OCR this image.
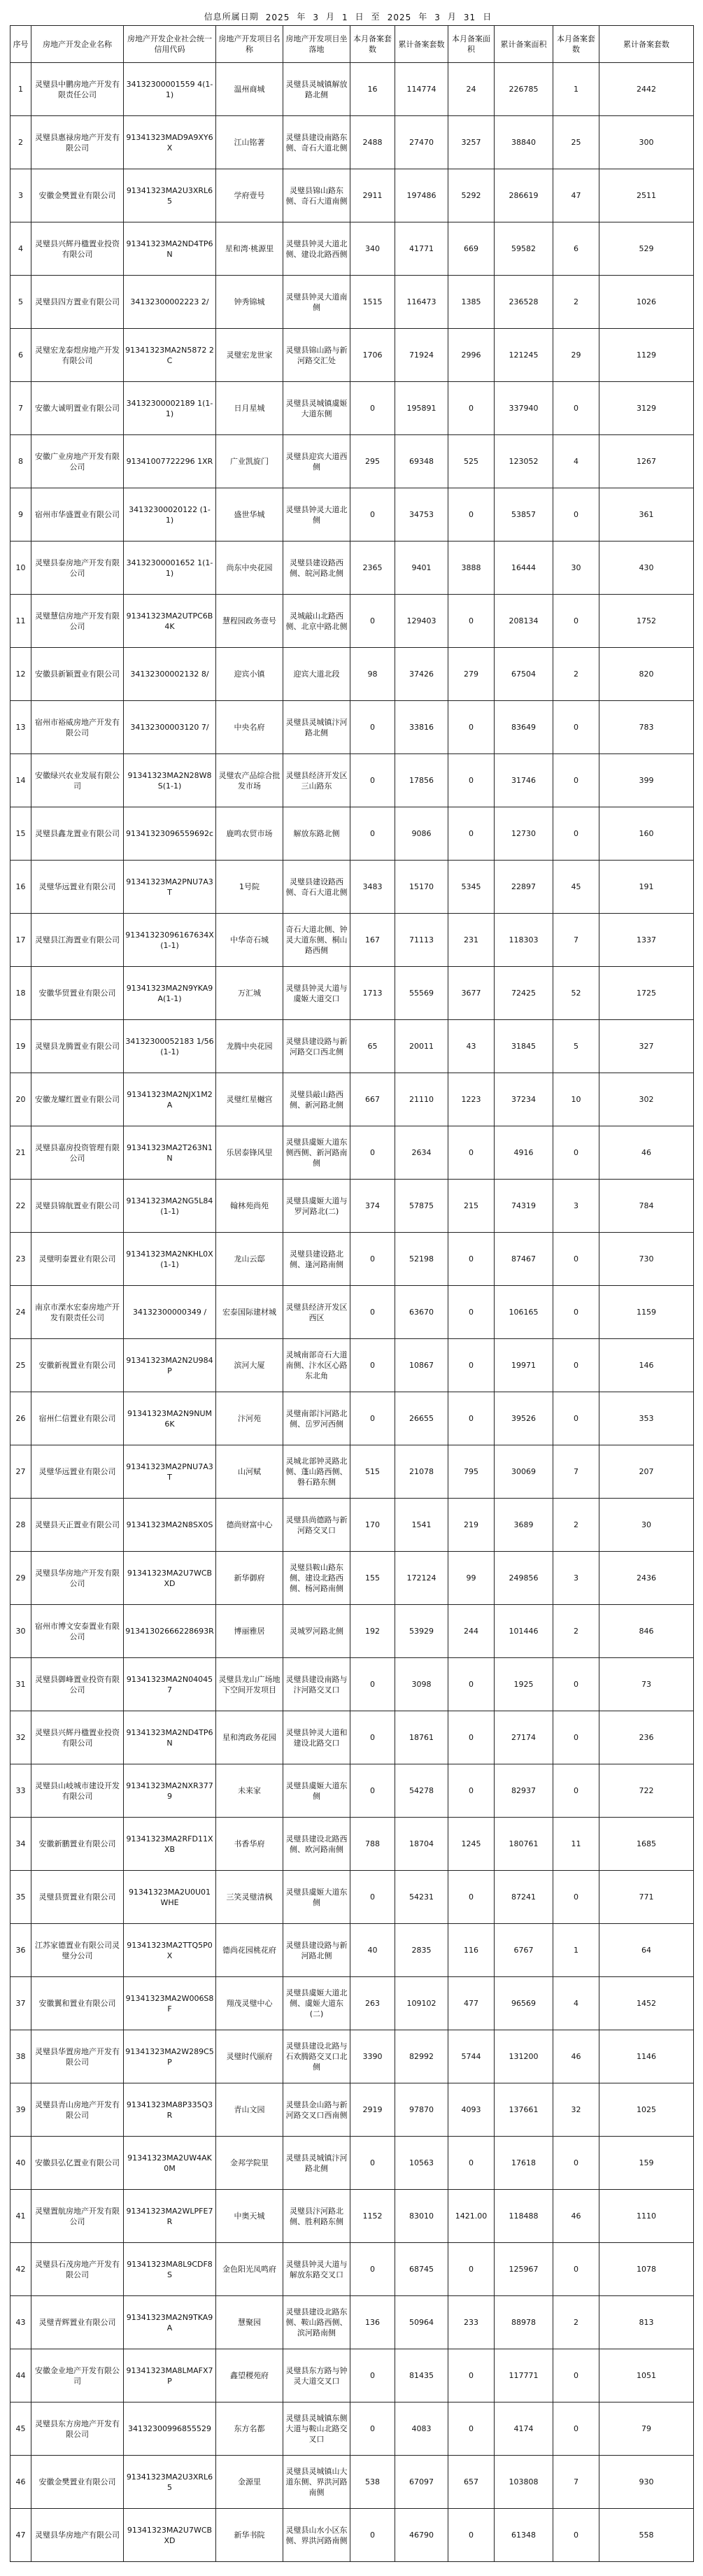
信息所属日期 2025 年 3 月 1 日 至 2025 年 3 月 31 日
序号	房地产开发企业名称	房地产开发企业社会统一信用代码	房地产开发项目名称	房地产开发项目坐落地	本月备案套数	累计备案套数	本月备案面积	累计备案面积	本月备案套数	累计备案套数
1	灵璧县中鹏房地产开发有限责任公司	34132300001559 4(1-1)	温州商城	灵璧县灵城镇解放路北侧	16	114774	24	226785	1	2442
2	灵璧县惠禄房地产开发有限公司	91341323MAD9A9XY6X	江山铭著	灵璧县建设南路东侧、奇石大道北侧	2488	27470	3257	38840	25	300
3	安徽金樊置业有限公司	91341323MA2U3XRL65	学府壹号	灵璧县锦山路东侧、奇石大道南侧	2911	197486	5292	286619	47	2511
4	灵璧县兴辉丹楹置业投资有限公司	91341323MA2ND4TP6N	星和湾·桃源里	灵璧县钟灵大道北侧、建设北路西侧	340	41771	669	59582	6	529
5	灵璧县四方置业有限公司	34132300002223 2/	钟秀锦城	灵璧县钟灵大道南侧	1515	116473	1385	236528	2	1026
6	灵璧宏龙泰煜房地产开发有限公司	91341323MA2N5872 2C	灵璧宏龙世家	灵璧县锦山路与新河路交汇处	1706	71924	2996	121245	29	1129
7	安徽大诚明置业有限公司	34132300002189 1(1-1)	日月星城	灵璧县灵城镇虞姬大道东侧	0	195891	0	337940	0	3129
8	安徽广业房地产开发有限公司	91341007722296 1XR	广业凯旋门	灵璧县迎宾大道西侧	295	69348	525	123052	4	1267
9	宿州市华盛置业有限公司	34132300020122 (1-1)	盛世华城	灵璧县钟灵大道北侧	0	34753	0	53857	0	361
10	灵璧县泰房地产开发有限公司	34132300001652 1(1-1)	尚东中央花园	灵璧县建设路西侧、皖河路北侧	2365	9401	3888	16444	30	430
11	灵璧慧信房地产开发有限公司	91341323MA2UTPC6B4K	慧程园政务壹号	灵城敲山北路西侧、北京中路北侧	0	129403	0	208134	0	1752
12	安徽县新颖置业有限公司	34132300002132 8/	迎宾小镇	迎宾大道北段	98	37426	279	67504	2	820
13	宿州市裕威房地产开发有限公司	34132300003120 7/	中央名府	灵璧县灵城镇汴河路北侧	0	33816	0	83649	0	783
14	安徽绿兴农业发展有限公司	91341323MA2N28W8S(1-1)	灵璧农产品综合批发市场	灵璧县经济开发区三山路东	0	17856	0	31746	0	399
15	灵璧县鑫龙置业有限公司	91341323096559692c	鹿鸣农贸市场	解放东路北侧	0	9086	0	12730	0	160
16	灵璧华远置业有限公司	91341323MA2PNU7A3T	1号院	灵璧县建设路西侧、奇石大道北侧	3483	15170	5345	22897	45	191
17	灵璧县江海置业有限公司	91341323096167634X(1-1)	中华奇石城	奇石大道北侧、钟灵大道东侧、桐山路西侧	167	71113	231	118303	7	1337
18	安徽华贸置业有限公司	91341323MA2N9YKA9A(1-1)	万汇城	灵璧县钟灵大道与虞姬大道交口	1713	55569	3677	72425	52	1725
19	灵璧县龙腾置业有限公司	34132300052183 1/56(1-1)	龙腾中央花园	灵璧县建设路与新河路交口西北侧	65	20011	43	31845	5	327
20	安徽龙耀红置业有限公司	91341323MA2NJX1M2A	灵璧红星樾宫	灵璧县敲山路西侧、新河路北侧	667	21110	1223	37234	10	302
21	灵璧县嘉房投资管理有限公司	91341323MA2T263N1N	乐居泰锋风里	灵璧县虞姬大道东侧西侧、新河路南侧	0	2634	0	4916	0	46
22	灵璧县锦航置业有限公司	91341323MA2NG5L84(1-1)	翰林苑尚苑	灵璧县虞姬大道与罗河路北(二)	374	57875	215	74319	3	784
23	灵璧明泰置业有限公司	91341323MA2NKHL0X(1-1)	龙山云邸	灵璧县建设路北侧、逢河路南侧	0	52198	0	87467	0	730
24	南京市溧水宏泰房地产开发有限责任公司	34132300000349 /	宏泰国际建材城	灵璧县经济开发区西区	0	63670	0	106165	0	1159
25	安徽新视置业有限公司	91341323MA2N2U984P	滨河大厦	灵城南部奇石大道南侧、汴水区心路东北角	0	10867	0	19971	0	146
26	宿州仁信置业有限公司	91341323MA2N9NUM6K	汴河苑	灵璧南部汴河路北侧、岳罗河西侧	0	26655	0	39526	0	353
27	灵璧华远置业有限公司	91341323MA2PNU7A3T	山河赋	灵城北部钟灵路北侧、蓬山路西侧、磐石路东侧	515	21078	795	30069	7	207
28	灵璧县天正置业有限公司	91341323MA2N8SX0S	德尚财富中心	灵璧县尚德路与新河路交叉口	170	1541	219	3689	2	30
29	灵璧县华房地产开发有限公司	91341323MA2U7WCB XD	新华御府	灵璧县鞍山路东侧、建设北路西侧、杨河路南侧	155	172124	99	249856	3	2436
30	宿州市博文安泰置业有限公司	91341302666228693R	博丽雅居	灵城罗河路北侧	192	53929	244	101446	2	846
31	灵璧县御峰置业投资有限公司	91341323MA2N040457	灵璧县龙山广场地下空间开发项目	灵璧县建设南路与汴河路交叉口	0	3098	0	1925	0	73
32	灵璧县兴辉丹楹置业投资有限公司	91341323MA2ND4TP6N	星和湾政务花园	灵璧县钟灵大道和建设北路交口	0	18761	0	27174	0	236
33	灵璧县山岐城市建设开发有限公司	91341323MA2NXR3779	未来家	灵璧县虞姬大道东侧	0	54278	0	82937	0	722
34	安徽新鹏置业有限公司	91341323MA2RFD11XXB	书香华府	灵璧县建设北路西侧、欧河路南侧	788	18704	1245	180761	11	1685
35	灵璧县贾置业有限公司	91341323MA2U0U01WHE	三笑灵璧清枫	灵璧县虞姬大道东侧	0	54231	0	87241	0	771
36	江苏家德置业有限公司灵璧分公司	91341323MA2TTQ5P0X	德尚花园桃花府	灵璧县建设路与新河路北侧	40	2835	116	6767	1	64
37	安徽翼和置业有限公司	91341323MA2W006S8F	翔茂灵璧中心	灵璧县虞姬大道北侧、虞姬大道东(二)	263	109102	477	96569	4	1452
38	灵璧县华置房地产开发有限公司	91341323MA2W289C5P	灵璧时代颐府	灵璧县建设北路与石欢腾路交叉口北侧	3390	82992	5744	131200	46	1146
39	灵璧县青山房地产开发有限公司	91341323MA8P335Q3R	青山文园	灵璧县金山路与新河路交叉口西南侧	2919	97870	4093	137661	32	1025
40	安徽县弘亿置业有限公司	91341323MA2UW4AK0M	金邦学院里	灵璧县灵城镇汴河路北侧	0	10563	0	17618	0	159
41	灵璧置航房地产开发有限公司	91341323MA2WLPFE7R	中奥天城	灵璧县汴河路北侧、胜利路东侧	1152	83010	1421.00	118488	46	1110
42	灵璧县石茂房地产开发有限公司	91341323MA8L9CDF8S	金色阳光凤鸣府	灵璧县钟灵大道与解放东路交叉口	0	68745	0	125967	0	1078
43	灵璧青辉置业有限公司	91341323MA2N9TKA9A	慧聚园	灵璧县建设北路东侧、鞍山路西侧、滨河路南侧	136	50964	233	88978	2	813
44	安徽金业地产开发有限公司	91341323MA8LMAFX7P	鑫望稷苑府	灵璧县东方路与钟灵大道交叉口	0	81435	0	117771	0	1051
45	灵璧县东方房地产开发有限公司	34132300996855529	东方名都	灵璧县灵城镇东侧大道与鞍山北路交叉口	0	4083	0	4174	0	79
46	安徽金樊置业有限公司	91341323MA2U3XRL65	金源里	灵璧县灵城镇山大道东侧、界洪河路南侧	538	67097	657	103808	7	930
47	灵璧县华房地产有限公司	91341323MA2U7WCB XD	新华书院	灵璧县山水小区东侧、界洪河路南侧	0	46790	0	61348	0	558
